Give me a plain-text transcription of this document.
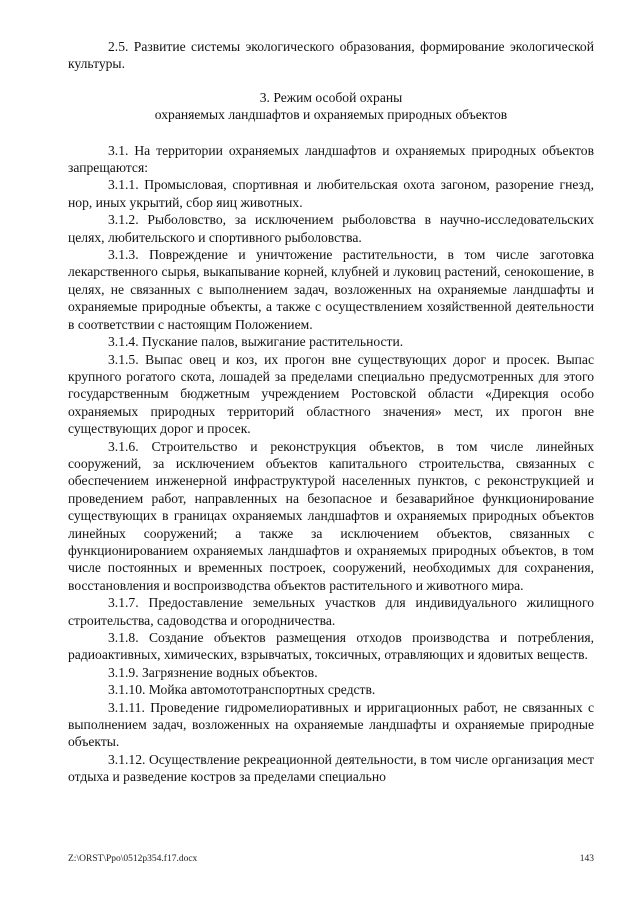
2.5. Развитие системы экологического образования, формирование экологической культуры.

3. Режим особой охраны

охраняемых ландшафтов и охраняемых природных объектов

3.1. На территории охраняемых ландшафтов и охраняемых природных объектов запрещаются:

3.1.1. Промысловая, спортивная и любительская охота загоном, разорение гнезд, нор, иных укрытий, сбор яиц животных.

3.1.2. Рыболовство, за исключением рыболовства в научно-исследовательских целях, любительского и спортивного рыболовства.

3.1.3. Повреждение и уничтожение растительности, в том числе заготовка лекарственного сырья, выкапывание корней, клубней и луковиц растений, сенокошение, в целях, не связанных с выполнением задач, возложенных на охраняемые ландшафты и охраняемые природные объекты, а также с осуществлением хозяйственной деятельности в соответствии с настоящим Положением.

3.1.4. Пускание палов, выжигание растительности.

3.1.5. Выпас овец и коз, их прогон вне существующих дорог и просек. Выпас крупного рогатого скота, лошадей за пределами специально предусмотренных для этого государственным бюджетным учреждением Ростовской области «Дирекция особо охраняемых природных территорий областного значения» мест, их прогон вне существующих дорог и просек.

3.1.6. Строительство и реконструкция объектов, в том числе линейных сооружений, за исключением объектов капитального строительства, связанных с обеспечением инженерной инфраструктурой населенных пунктов, с реконструкцией и проведением работ, направленных на безопасное и безаварийное функционирование существующих в границах охраняемых ландшафтов и охраняемых природных объектов линейных сооружений; а также за исключением объектов, связанных с функционированием охраняемых ландшафтов и охраняемых природных объектов, в том числе постоянных и временных построек, сооружений, необходимых для сохранения, восстановления и воспроизводства объектов растительного и животного мира.

3.1.7. Предоставление земельных участков для индивидуального жилищного строительства, садоводства и огородничества.

3.1.8. Создание объектов размещения отходов производства и потребления, радиоактивных, химических, взрывчатых, токсичных, отравляющих и ядовитых веществ.

3.1.9. Загрязнение водных объектов.

3.1.10. Мойка автомототранспортных средств.

3.1.11. Проведение гидромелиоративных и ирригационных работ, не связанных с выполнением задач, возложенных на охраняемые ландшафты и охраняемые природные объекты.

3.1.12. Осуществление рекреационной деятельности, в том числе организация мест отдыха и разведение костров за пределами специально

Z:\ORST\Ppo\0512p354.f17.docx	143
